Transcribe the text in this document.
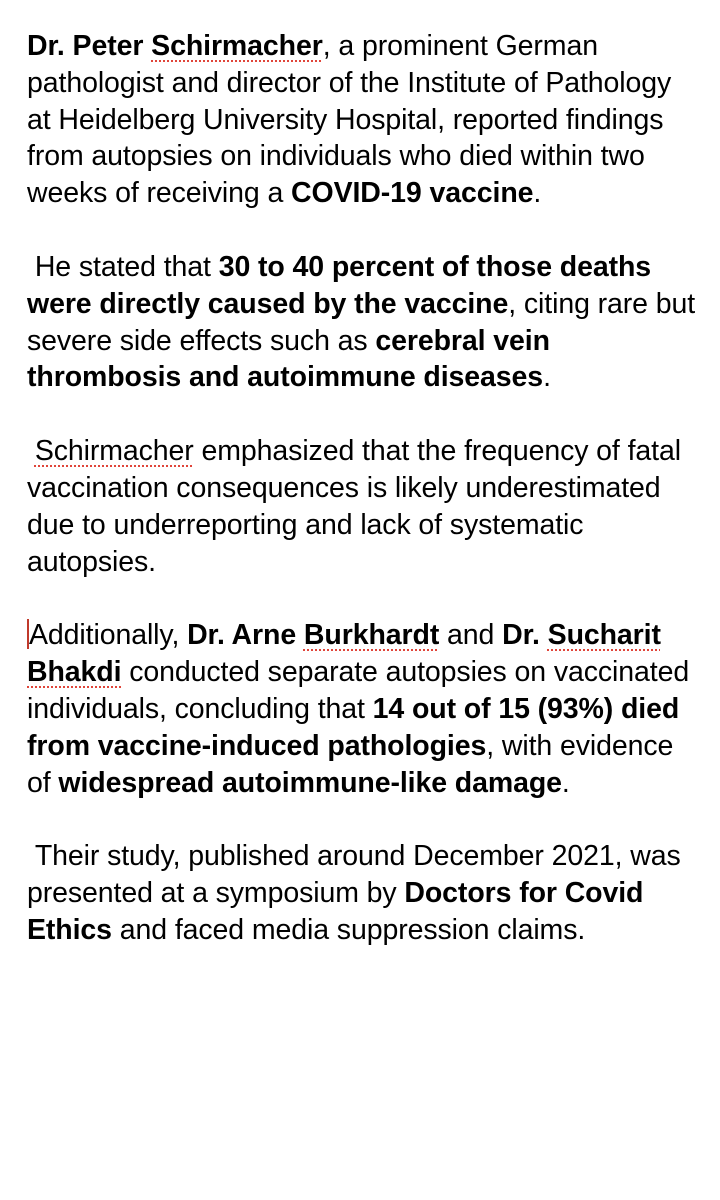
Dr. Peter Schirmacher, a prominent German pathologist and director of the Institute of Pathology at Heidelberg University Hospital, reported findings from autopsies on individuals who died within two weeks of receiving a COVID-19 vaccine.

He stated that 30 to 40 percent of those deaths were directly caused by the vaccine, citing rare but severe side effects such as cerebral vein thrombosis and autoimmune diseases.

Schirmacher emphasized that the frequency of fatal vaccination consequences is likely underestimated due to underreporting and lack of systematic autopsies.

Additionally, Dr. Arne Burkhardt and Dr. Sucharit Bhakdi conducted separate autopsies on vaccinated individuals, concluding that 14 out of 15 (93%) died from vaccine-induced pathologies, with evidence of widespread autoimmune-like damage.

Their study, published around December 2021, was presented at a symposium by Doctors for Covid Ethics and faced media suppression claims.
